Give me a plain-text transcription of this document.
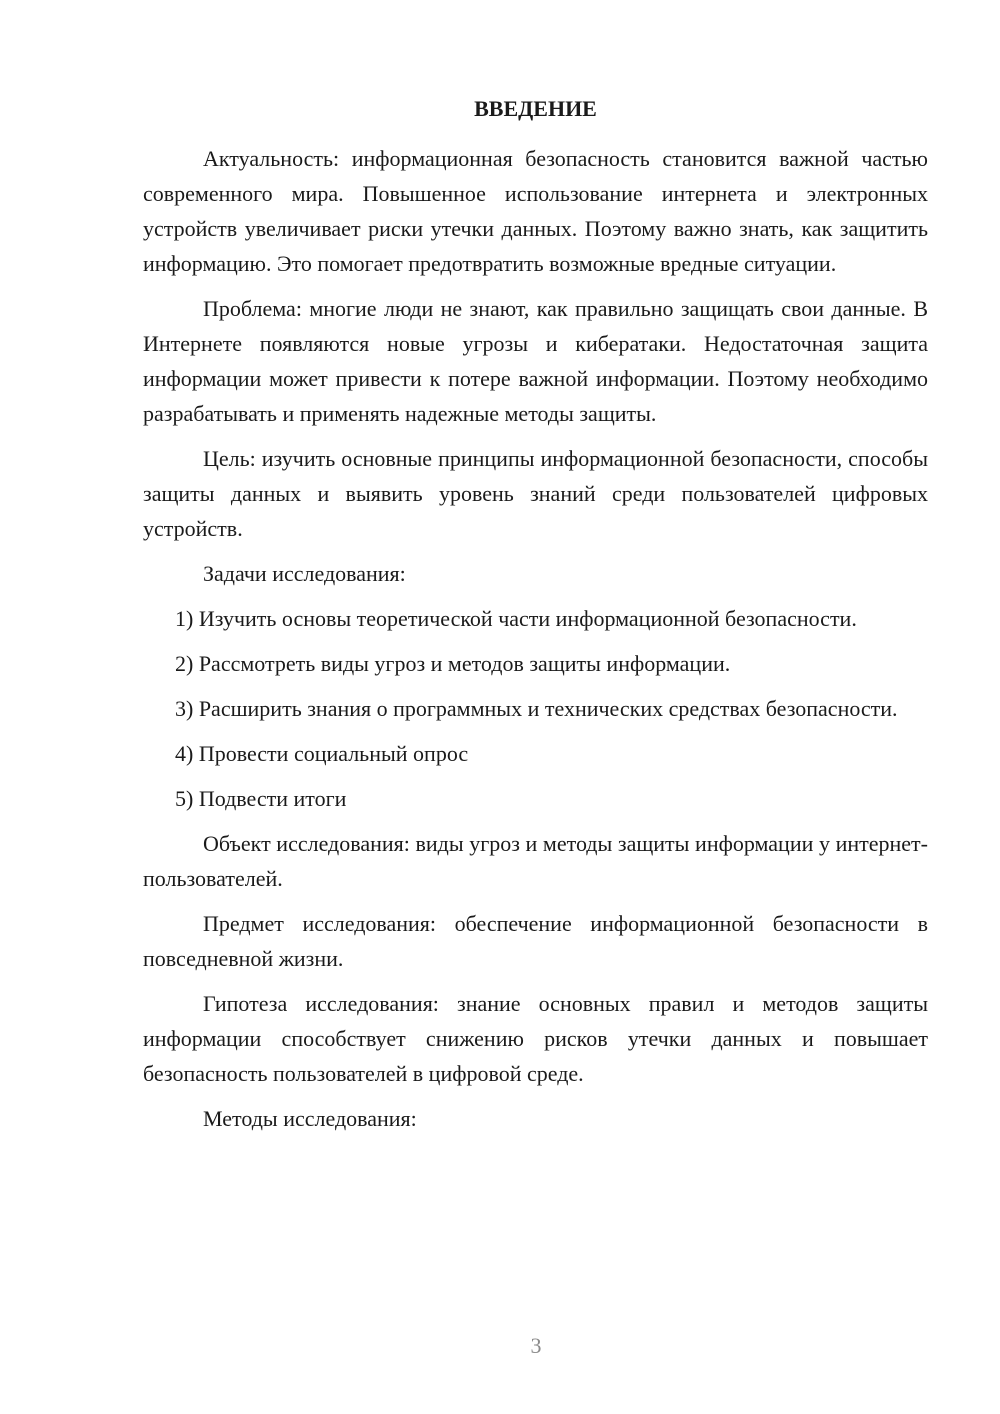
ВВЕДЕНИЕ

Актуальность: информационная безопасность становится важной частью современного мира. Повышенное использование интернета и электронных устройств увеличивает риски утечки данных. Поэтому важно знать, как защитить информацию. Это помогает предотвратить возможные вредные ситуации.

Проблема: многие люди не знают, как правильно защищать свои данные. В Интернете появляются новые угрозы и кибератаки. Недостаточная защита информации может привести к потере важной информации. Поэтому необходимо разрабатывать и применять надежные методы защиты.

Цель: изучить основные принципы информационной безопасности, способы защиты данных и выявить уровень знаний среди пользователей цифровых устройств.

Задачи исследования:

1) Изучить основы теоретической части информационной безопасности.

2) Рассмотреть виды угроз и методов защиты информации.

3) Расширить знания о программных и технических средствах безопасности.

4) Провести социальный опрос

5) Подвести итоги

Объект исследования: виды угроз и методы защиты информации у интернет-пользователей.

Предмет исследования: обеспечение информационной безопасности в повседневной жизни.

Гипотеза исследования: знание основных правил и методов защиты информации способствует снижению рисков утечки данных и повышает безопасность пользователей в цифровой среде.

Методы исследования:

3
